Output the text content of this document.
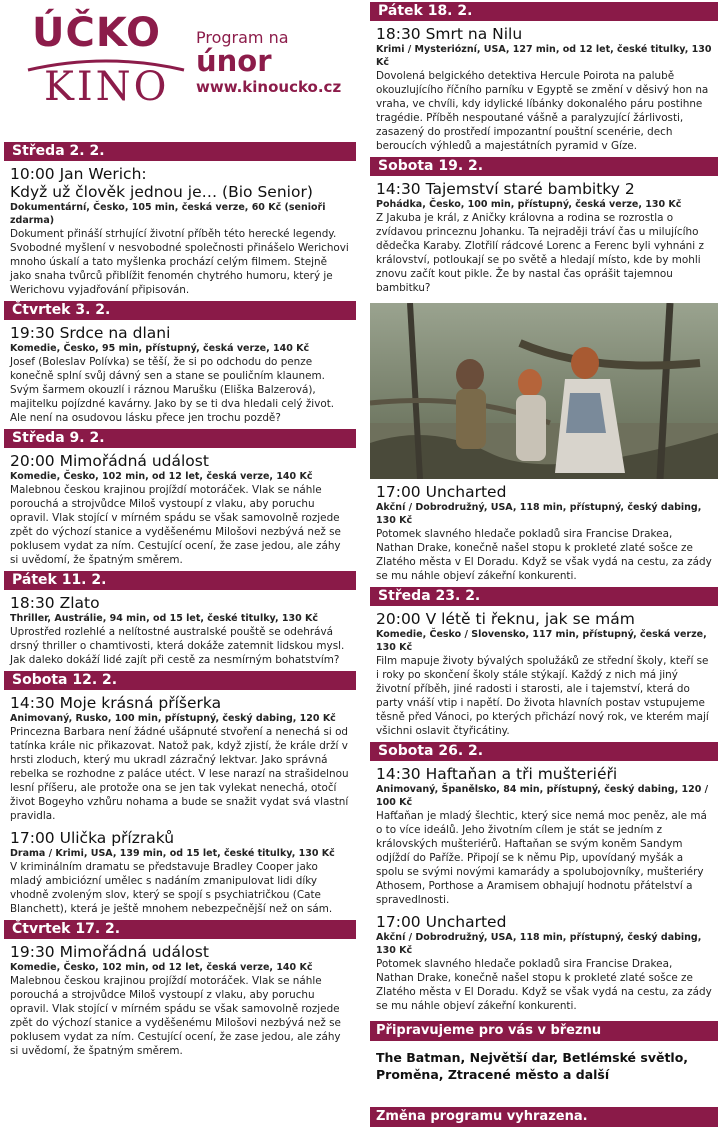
ÚČKO
KINO
Program na
únor
www.kinoucko.cz
Středa 2. 2.
10:00 Jan Werich:
Když už člověk jednou je… (Bio Senior)
Dokumentární, Česko, 105 min, česká verze, 60 Kč (senioři zdarma)
Dokument přináší strhující životní příběh této herecké legendy. Svobodné myšlení v nesvobodné společnosti přinášelo Werichovi mnoho úskalí a tato myšlenka prochází celým filmem. Stejně jako snaha tvůrců přiblížit fenomén chytrého humoru, který je Werichovu vyjadřování připisován.
Čtvrtek 3. 2.
19:30 Srdce na dlani
Komedie, Česko, 95 min, přístupný, česká verze, 140 Kč
Josef (Boleslav Polívka) se těší, že si po odchodu do penze konečně splní svůj dávný sen a stane se pouličním klaunem. Svým šarmem okouzlí i ráznou Marušku (Eliška Balzerová), majitelku pojízdné kavárny. Jako by se ti dva hledali celý život. Ale není na osudovou lásku přece jen trochu pozdě?
Středa 9. 2.
20:00 Mimořádná událost
Komedie, Česko, 102 min, od 12 let, česká verze, 140 Kč
Malebnou českou krajinou projíždí motoráček. Vlak se náhle porouchá a strojvůdce Miloš vystoupí z vlaku, aby poruchu opravil. Vlak stojící v mírném spádu se však samovolně rozjede zpět do výchozí stanice a vyděšenému Milošovi nezbývá než se poklusem vydat za ním. Cestující ocení, že zase jedou, ale záhy si uvědomí, že špatným směrem.
Pátek 11. 2.
18:30 Zlato
Thriller, Austrálie, 94 min, od 15 let, české titulky, 130 Kč
Uprostřed rozlehlé a nelítostné australské pouště se odehrává drsný thriller o chamtivosti, která dokáže zatemnit lidskou mysl. Jak daleko dokáží lidé zajít při cestě za nesmírným bohatstvím?
Sobota 12. 2.
14:30 Moje krásná příšerka
Animovaný, Rusko, 100 min, přístupný, český dabing, 120 Kč
Princezna Barbara není žádné ušápnuté stvoření a nenechá si od tatínka krále nic přikazovat. Natož pak, když zjistí, že krále drží v hrsti zloduch, který mu ukradl zázračný lektvar. Jako správná rebelka se rozhodne z paláce utéct. V lese narazí na strašidelnou lesní příšeru, ale protože ona se jen tak vylekat nenechá, otočí život Bogeyho vzhůru nohama a bude se snažit vydat svá vlastní pravidla.
17:00 Ulička přízraků
Drama / Krimi, USA, 139 min, od 15 let, české titulky, 130 Kč
V kriminálním dramatu se představuje Bradley Cooper jako mladý ambiciózní umělec s nadáním zmanipulovat lidi díky vhodně zvoleným slov, který se spojí s psychiatričkou (Cate Blanchett), která je ještě mnohem nebezpečnější než on sám.
Čtvrtek 17. 2.
19:30 Mimořádná událost
Komedie, Česko, 102 min, od 12 let, česká verze, 140 Kč
Malebnou českou krajinou projíždí motoráček. Vlak se náhle porouchá a strojvůdce Miloš vystoupí z vlaku, aby poruchu opravil. Vlak stojící v mírném spádu se však samovolně rozjede zpět do výchozí stanice a vyděšenému Milošovi nezbývá než se poklusem vydat za ním. Cestující ocení, že zase jedou, ale záhy si uvědomí, že špatným směrem.
Pátek 18. 2.
18:30 Smrt na Nilu
Krimi / Mysteriózní, USA, 127 min, od 12 let, české titulky, 130 Kč
Dovolená belgického detektiva Hercule Poirota na palubě okouzlujícího říčního parníku v Egyptě se změní v děsivý hon na vraha, ve chvíli, kdy idylické líbánky dokonalého páru postihne tragédie. Příběh nespoutané vášně a paralyzující žárlivosti, zasazený do prostředí impozantní pouštní scenérie, dech beroucích výhledů a majestátních pyramid v Gíze.
Sobota 19. 2.
14:30 Tajemství staré bambitky 2
Pohádka, Česko, 100 min, přístupný, česká verze, 130 Kč
Z Jakuba je král, z Aničky královna a rodina se rozrostla o zvídavou princeznu Johanku. Ta nejraději tráví čas u milujícího dědečka Karaby. Zlotřilí rádcové Lorenc a Ferenc byli vyhnáni z království, potloukají se po světě a hledají místo, kde by mohli znovu začít kout pikle. Že by nastal čas oprášit tajemnou bambitku?
17:00 Uncharted
Akční / Dobrodružný, USA, 118 min, přístupný, český dabing, 130 Kč
Potomek slavného hledače pokladů sira Francise Drakea, Nathan Drake, konečně našel stopu k prokleté zlaté sošce ze Zlatého města v El Doradu. Když se však vydá na cestu, za zády se mu náhle objeví zákeřní konkurenti.
Středa 23. 2.
20:00 V létě ti řeknu, jak se mám
Komedie, Česko / Slovensko, 117 min, přístupný, česká verze, 130 Kč
Film mapuje životy bývalých spolužáků ze střední školy, kteří se i roky po skončení školy stále stýkají. Každý z nich má jiný životní příběh, jiné radosti i starosti, ale i tajemství, která do party vnáší vtip i napětí. Do života hlavních postav vstupujeme těsně před Vánoci, po kterých přichází nový rok, ve kterém mají všichni oslavit čtyřicátiny.
Sobota 26. 2.
14:30 Haftaňan a tři mušteriéři
Animovaný, Španělsko, 84 min, přístupný, český dabing, 120 / 100 Kč
Hafťaňan je mladý šlechtic, který sice nemá moc peněz, ale má o to více ideálů. Jeho životním cílem je stát se jedním z královských mušteriérů. Haftaňan se svým koněm Sandym odjíždí do Paříže. Připojí se k němu Pip, upovídaný myšák a spolu se svými novými kamarády a spolubojovníky, mušteriéry Athosem, Porthose a Aramisem obhajují hodnotu přátelství a spravedlnosti.
17:00 Uncharted
Akční / Dobrodružný, USA, 118 min, přístupný, český dabing, 130 Kč
Potomek slavného hledače pokladů sira Francise Drakea, Nathan Drake, konečně našel stopu k prokleté zlaté sošce ze Zlatého města v El Doradu. Když se však vydá na cestu, za zády se mu náhle objeví zákeřní konkurenti.
Připravujeme pro vás v březnu
The Batman, Největší dar, Betlémské světlo, Proměna, Ztracené město a další
Změna programu vyhrazena.
